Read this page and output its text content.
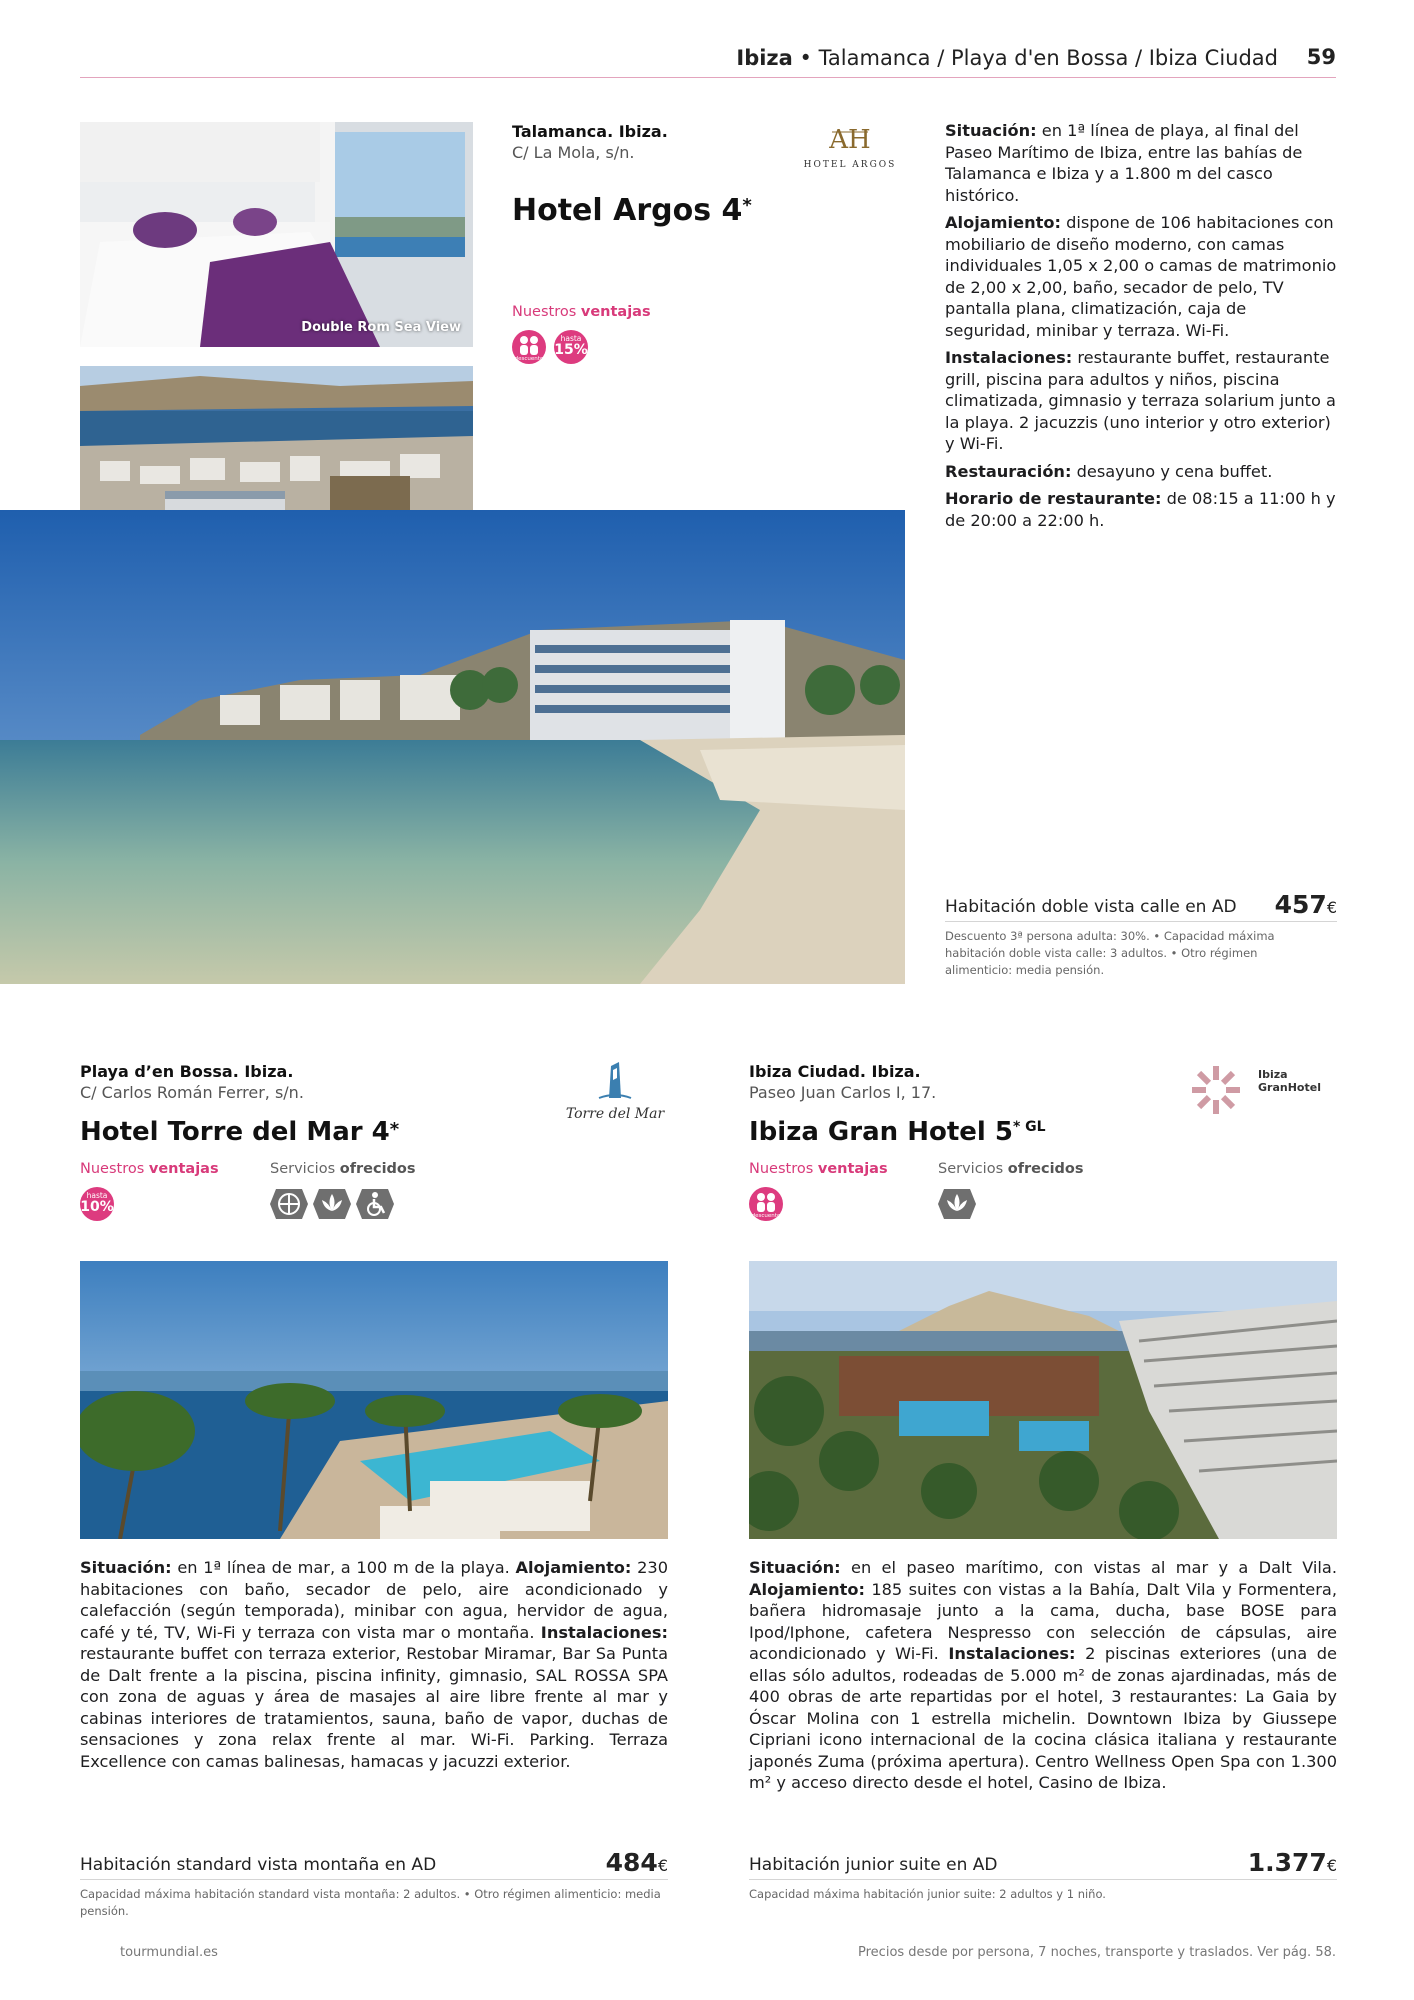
Ibiza • Talamanca / Playa d'en Bossa / Ibiza Ciudad 59
Double Rom Sea View
Talamanca. Ibiza.
C/ La Mola, s/n.
Hotel Argos 4*
AH
HOTEL ARGOS
Nuestros ventajas
descuento
hasta
15%

Situación: en 1ª línea de playa, al final del Paseo Marítimo de Ibiza, entre las bahías de Talamanca e Ibiza y a 1.800 m del casco histórico.

Alojamiento: dispone de 106 habitaciones con mobiliario de diseño moderno, con camas individuales 1,05 x 2,00 o camas de matrimonio de 2,00 x 2,00, baño, secador de pelo, TV pantalla plana, climatización, caja de seguridad, minibar y terraza. Wi-Fi.

Instalaciones: restaurante buffet, restaurante grill, piscina para adultos y niños, piscina climatizada, gimnasio y terraza solarium junto a la playa. 2 jacuzzis (uno interior y otro exterior) y Wi-Fi.

Restauración: desayuno y cena buffet.

Horario de restaurante: de 08:15 a 11:00 h y de 20:00 a 22:00 h.

Habitación doble vista calle en AD 457€
Descuento 3ª persona adulta: 30%. • Capacidad máxima habitación doble vista calle: 3 adultos. • Otro régimen alimenticio: media pensión.
Playa d’en Bossa. Ibiza.
C/ Carlos Román Ferrer, s/n.
Hotel Torre del Mar 4*
Torre del Mar
Nuestros ventajas
hasta
10%
Servicios ofrecidos
Situación: en 1ª línea de mar, a 100 m de la playa. Alojamiento: 230 habitaciones con baño, secador de pelo, aire acondicionado y calefacción (según temporada), minibar con agua, hervidor de agua, café y té, TV, Wi-Fi y terraza con vista mar o montaña. Instalaciones: restaurante buffet con terraza exterior, Restobar Miramar, Bar Sa Punta de Dalt frente a la piscina, piscina infinity, gimnasio, SAL ROSSA SPA con zona de aguas y área de masajes al aire libre frente al mar y cabinas interiores de tratamientos, sauna, baño de vapor, duchas de sensaciones y zona relax frente al mar. Wi-Fi. Parking. Terraza Excellence con camas balinesas, hamacas y jacuzzi exterior.
Habitación standard vista montaña en AD	484€
Capacidad máxima habitación standard vista montaña: 2 adultos. • Otro régimen alimenticio: media pensión.
Ibiza Ciudad. Ibiza.
Paseo Juan Carlos I, 17.
Ibiza Gran Hotel $5^{* GL}$
Ibiza
GranHotel
Nuestros ventajas
descuento
Servicios ofrecidos
Situación: en el paseo marítimo, con vistas al mar y a Dalt Vila. Alojamiento: 185 suites con vistas a la Bahía, Dalt Vila y Formentera, bañera hidromasaje junto a la cama, ducha, base BOSE para Ipod/Iphone, cafetera Nespresso con selección de cápsulas, aire acondicionado y Wi-Fi. Instalaciones: 2 piscinas exteriores (una de ellas sólo adultos, rodeadas de 5.000 m² de zonas ajardinadas, más de 400 obras de arte repartidas por el hotel, 3 restaurantes: La Gaia by Óscar Molina con 1 estrella michelin. Downtown Ibiza by Giussepe Cipriani icono internacional de la cocina clásica italiana y restaurante japonés Zuma (próxima apertura). Centro Wellness Open Spa con 1.300 m² y acceso directo desde el hotel, Casino de Ibiza.
Habitación junior suite en AD	1.377€
Capacidad máxima habitación junior suite: 2 adultos y 1 niño.
tourmundial.es	Precios desde por persona, 7 noches, transporte y traslados. Ver pág. 58.
